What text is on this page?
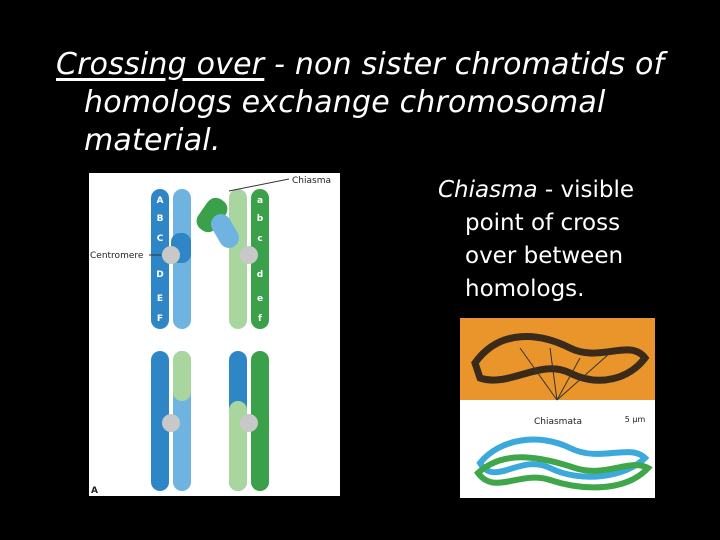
Crossing over - non sister chromatids of
homologs exchange chromosomal
material.
Chiasma - visible
point of cross
over between
homologs.
Chiasma
Centromere
A
A
B
C
D
E
F
a
b
c
d
e
f
Chiasmata	5 μm
